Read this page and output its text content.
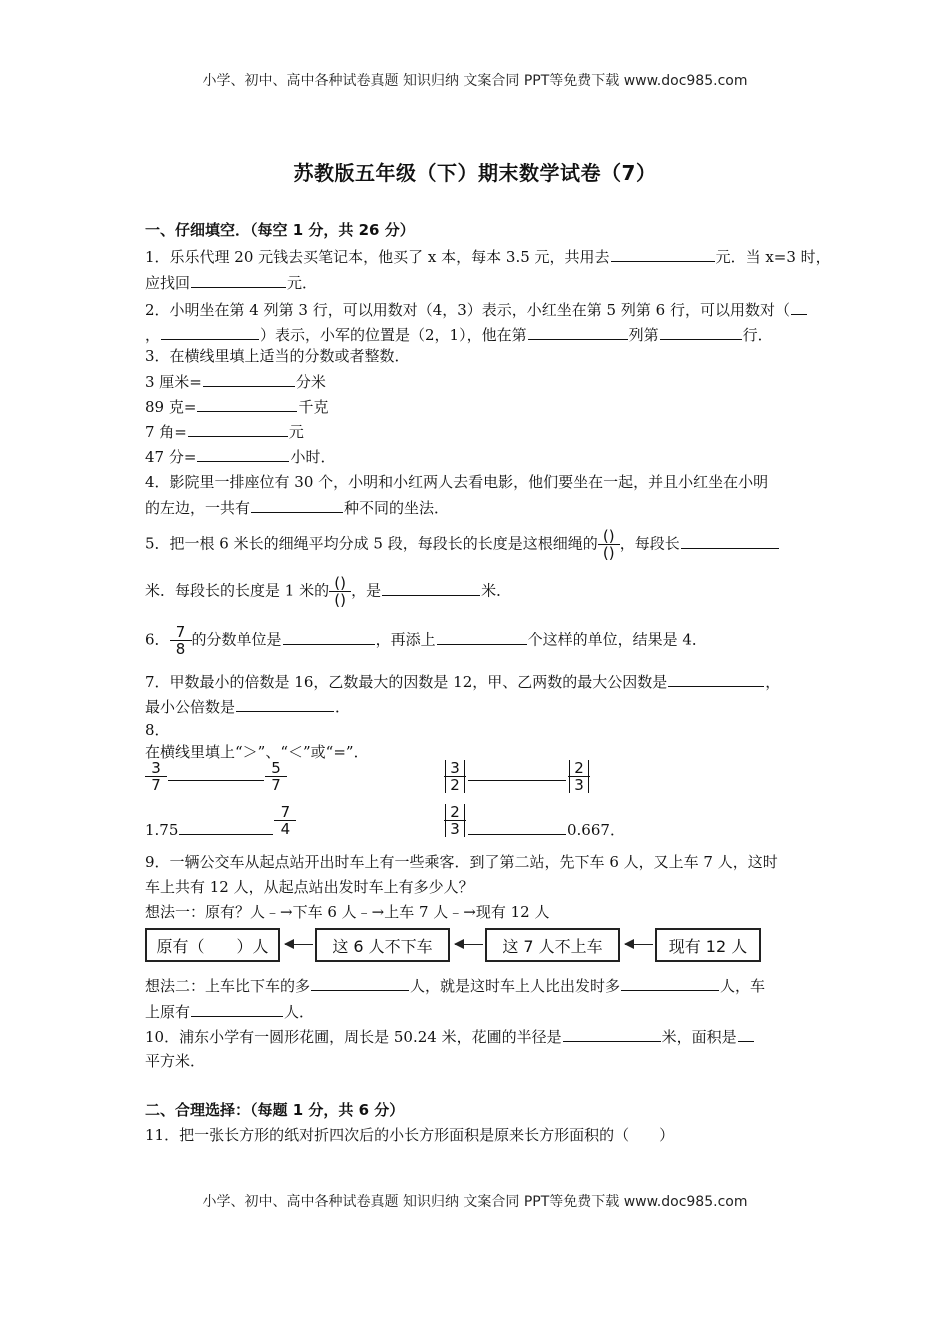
小学、初中、高中各种试卷真题 知识归纳 文案合同 PPT等免费下载 www.doc985.com
苏教版五年级（下）期末数学试卷（7）
一、仔细填空．（每空 1 分，共 26 分）
1．乐乐代理 20 元钱去买笔记本，他买了 x 本，每本 3.5 元，共用去	元．当 x=3 时，
应找回	元．
2．小明坐在第 4 列第 3 行，可以用数对（4，3）表示，小红坐在第 5 列第 6 行，可以用数对（
，	）表示，小军的位置是（2，1），他在第	列第	行．
3．在横线里填上适当的分数或者整数．
3 厘米=	分米
89 克=	千克
7 角=	元
47 分=	小时．
4．影院里一排座位有 30 个，小明和小红两人去看电影，他们要坐在一起，并且小红坐在小明
的左边，一共有	种不同的坐法．
5．把一根 6 米长的细绳平均分成 5 段，每段长的长度是这根细绳的 $\frac{()}{()}$ ，每段长
米．每段长的长度是 1 米的 $\frac{()}{()}$ ，是	米．
6． $\frac{7}{8}$ 的分数单位是	，再添上	个这样的单位，结果是 4．
7．甲数最小的倍数是 16，乙数最大的因数是 12，甲、乙两数的最大公因数是	，
最小公倍数是	．
8．
在横线里填上“＞”、“＜”或“=”．
$\frac{3}{7}$	$\frac{5}{7}$	$\frac{3}{2}$	$\frac{2}{3}$
1.75	$\frac{7}{4}$	$\frac{2}{3}$	0.667．
9．一辆公交车从起点站开出时车上有一些乘客．到了第二站，先下车 6 人，又上车 7 人，这时
车上共有 12 人，从起点站出发时车上有多少人？
想法一：原有？人﹣→下车 6 人﹣→上车 7 人﹣→现有 12 人
原有（　　）人	这 6 人不下车	这 7 人不上车	现有 12 人
想法二：上车比下车的多	人，就是这时车上人比出发时多	人，车
上原有	人．
10．浦东小学有一圆形花圃，周长是 50.24 米，花圃的半径是	米，面积是
平方米．
二、合理选择：（每题 1 分，共 6 分）
11．把一张长方形的纸对折四次后的小长方形面积是原来长方形面积的（　　）
小学、初中、高中各种试卷真题 知识归纳 文案合同 PPT等免费下载 www.doc985.com
